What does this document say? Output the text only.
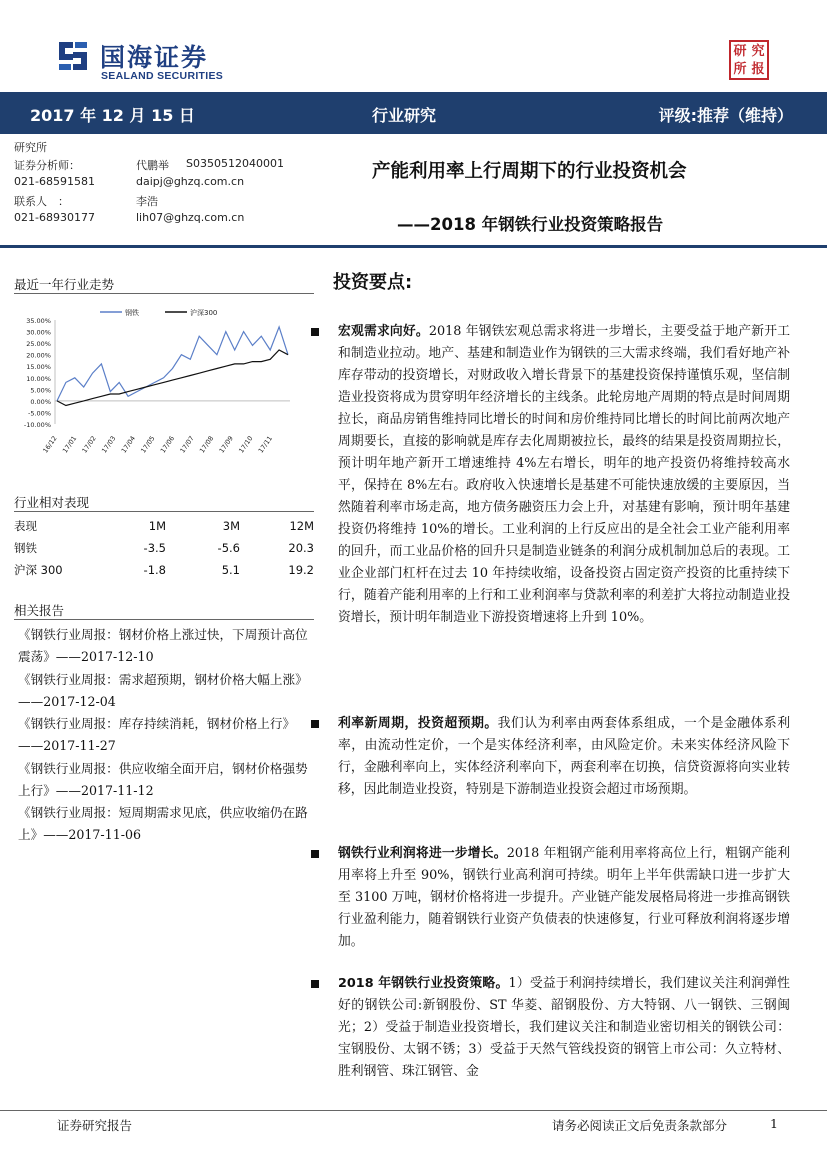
国海证券
SEALAND SECURITIES
研 究
所 报
2017 年 12 月 15 日	行业研究	评级:推荐（维持）
研究所
证券分析师：	代鹏举 S0350512040001
021-68591581	daipj@ghzq.com.cn
联系人　：	李浩
021-68930177	lih07@ghzq.com.cn
产能利用率上行周期下的行业投资机会
——2018 年钢铁行业投资策略报告
最近一年行业走势
钢铁	沪深300
35.00%
30.00%
25.00%
20.00%
15.00%
10.00%
5.00%
0.00%
-5.00%
-10.00%
16/12 17/01 17/02 17/03 17/04 17/05 17/06 17/07 17/08 17/09 17/10 17/11
行业相对表现
表现	1M	3M	12M
钢铁	-3.5	-5.6	20.3
沪深 300	-1.8	5.1	19.2
相关报告

《钢铁行业周报：钢材价格上涨过快，下周预计高位震荡》——2017-12-10

《钢铁行业周报：需求超预期，钢材价格大幅上涨》——2017-12-04

《钢铁行业周报：库存持续消耗，钢材价格上行》——2017-11-27

《钢铁行业周报：供应收缩全面开启，钢材价格强势上行》——2017-11-12

《钢铁行业周报：短周期需求见底，供应收缩仍在路上》——2017-11-06

投资要点:

宏观需求向好。2018 年钢铁宏观总需求将进一步增长，主要受益于地产新开工和制造业拉动。地产、基建和制造业作为钢铁的三大需求终端，我们看好地产补库存带动的投资增长，对财政收入增长背景下的基建投资保持谨慎乐观，坚信制造业投资将成为贯穿明年经济增长的主线条。此轮房地产周期的特点是时间周期拉长，商品房销售维持同比增长的时间和房价维持同比增长的时间比前两次地产周期要长，直接的影响就是库存去化周期被拉长，最终的结果是投资周期拉长，预计明年地产新开工增速维持 4%左右增长，明年的地产投资仍将维持较高水平，保持在 8%左右。政府收入快速增长是基建不可能快速放缓的主要原因，当然随着利率市场走高，地方债务融资压力会上升，对基建有影响，预计明年基建投资仍将维持 10%的增长。工业利润的上行反应出的是全社会工业产能利用率的回升，而工业品价格的回升只是制造业链条的利润分成机制加总后的表现。工业企业部门杠杆在过去 10 年持续收缩，设备投资占固定资产投资的比重持续下行，随着产能利用率的上行和工业利润率与贷款利率的利差扩大将拉动制造业投资增长，预计明年制造业下游投资增速将上升到 10%。

利率新周期，投资超预期。我们认为利率由两套体系组成，一个是金融体系利率，由流动性定价，一个是实体经济利率，由风险定价。未来实体经济风险下行，金融利率向上，实体经济利率向下，两套利率在切换，信贷资源将向实业转移，因此制造业投资，特别是下游制造业投资会超过市场预期。

钢铁行业利润将进一步增长。2018 年粗钢产能利用率将高位上行，粗钢产能利用率将上升至 90%，钢铁行业高利润可持续。明年上半年供需缺口进一步扩大至 3100 万吨，钢材价格将进一步提升。产业链产能发展格局将进一步推高钢铁行业盈利能力，随着钢铁行业资产负债表的快速修复，行业可释放利润将逐步增加。

2018 年钢铁行业投资策略。1）受益于利润持续增长，我们建议关注利润弹性好的钢铁公司:新钢股份、ST 华菱、韶钢股份、方大特钢、八一钢铁、三钢闽光；2）受益于制造业投资增长，我们建议关注和制造业密切相关的钢铁公司：宝钢股份、太钢不锈；3）受益于天然气管线投资的钢管上市公司：久立特材、胜利钢管、珠江钢管、金

证券研究报告	请务必阅读正文后免责条款部分	1
